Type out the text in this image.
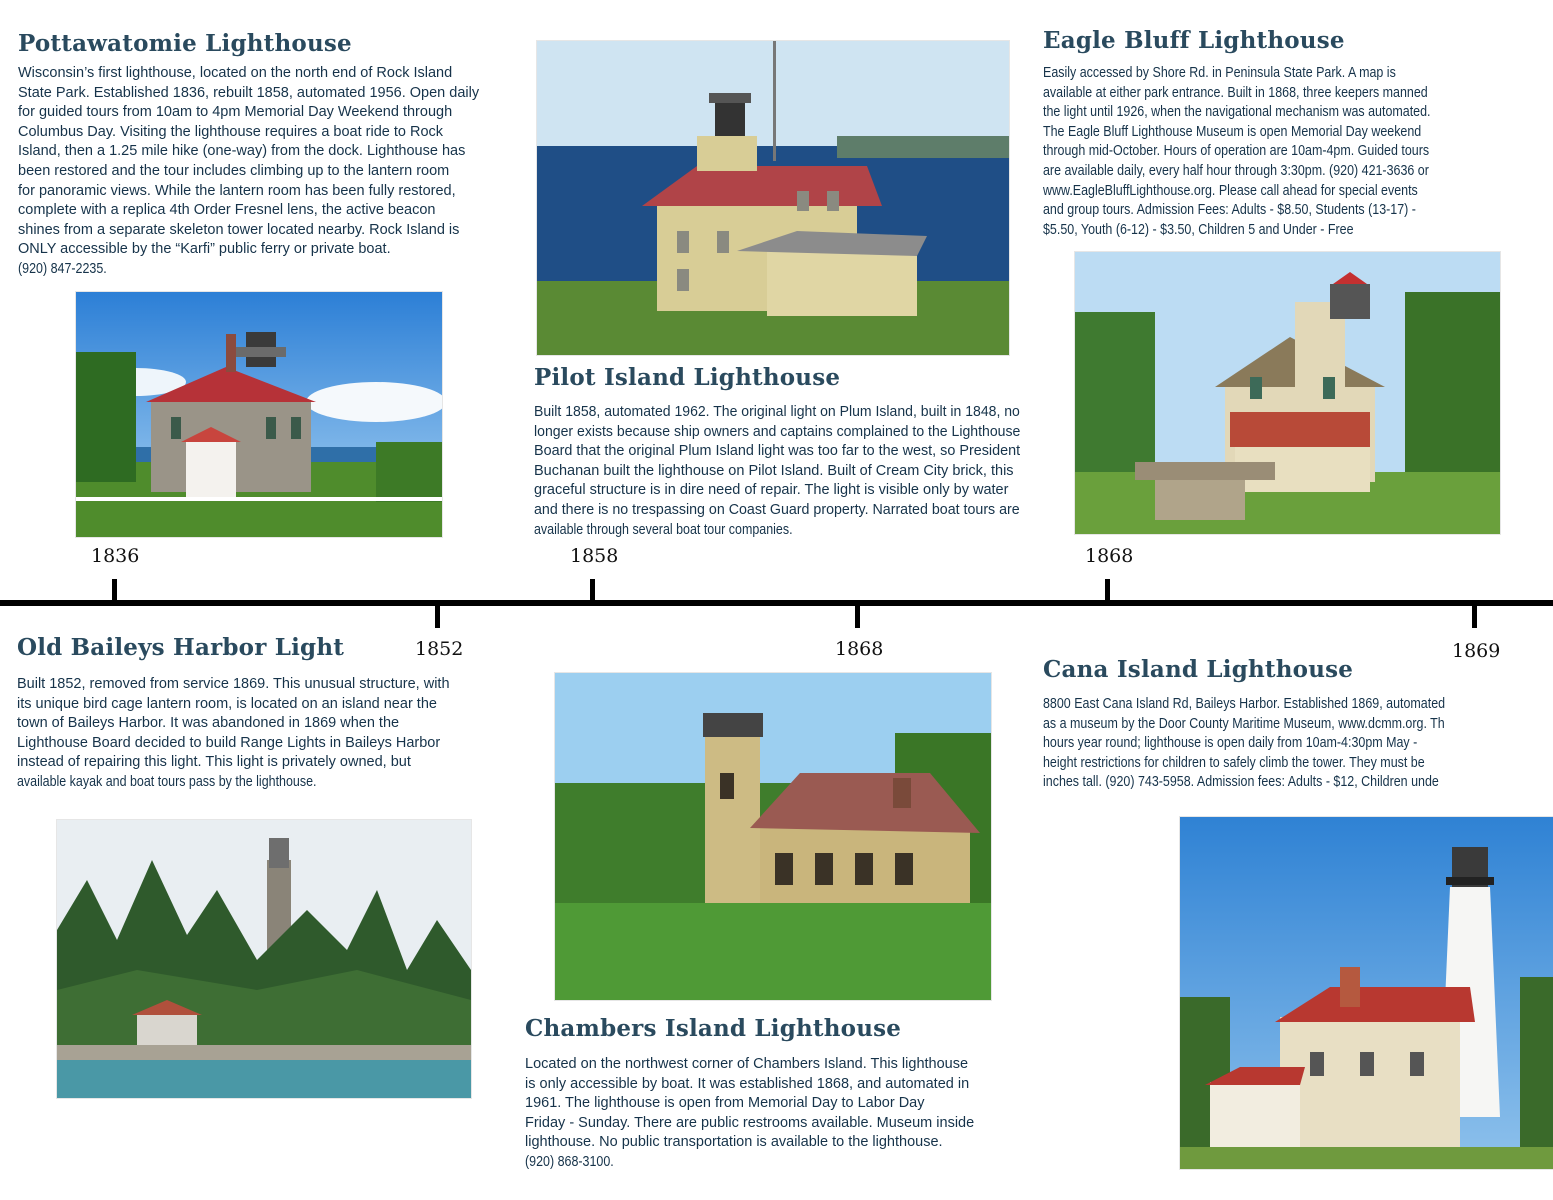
Pottawatomie Lighthouse
Wisconsin’s first lighthouse, located on the north end of Rock Island
State Park. Established 1836, rebuilt 1858, automated 1956. Open daily
for guided tours from 10am to 4pm Memorial Day Weekend through
Columbus Day. Visiting the lighthouse requires a boat ride to Rock
Island, then a 1.25 mile hike (one-way) from the dock. Lighthouse has
been restored and the tour includes climbing up to the lantern room
for panoramic views. While the lantern room has been fully restored,
complete with a replica 4th Order Fresnel lens, the active beacon
shines from a separate skeleton tower located nearby. Rock Island is
ONLY accessible by the “Karfi” public ferry or private boat.
(920) 847-2235.
Pilot Island Lighthouse
Built 1858, automated 1962. The original light on Plum Island, built in 1848, no
longer exists because ship owners and captains complained to the Lighthouse
Board that the original Plum Island light was too far to the west, so President
Buchanan built the lighthouse on Pilot Island. Built of Cream City brick, this
graceful structure is in dire need of repair. The light is visible only by water
and there is no trespassing on Coast Guard property. Narrated boat tours are
available through several boat tour companies.
Eagle Bluff Lighthouse
Easily accessed by Shore Rd. in Peninsula State Park. A map is
available at either park entrance. Built in 1868, three keepers manned
the light until 1926, when the navigational mechanism was automated.
The Eagle Bluff Lighthouse Museum is open Memorial Day weekend
through mid-October. Hours of operation are 10am-4pm. Guided tours
are available daily, every half hour through 3:30pm. (920) 421-3636 or
www.EagleBluffLighthouse.org. Please call ahead for special events
and group tours. Admission Fees: Adults - $8.50, Students (13-17) -
$5.50, Youth (6-12) - $3.50, Children 5 and Under - Free
1836	1858	1868
1852	1868	1869
Old Baileys Harbor Light
Built 1852, removed from service 1869. This unusual structure, with
its unique bird cage lantern room, is located on an island near the
town of Baileys Harbor. It was abandoned in 1869 when the
Lighthouse Board decided to build Range Lights in Baileys Harbor
instead of repairing this light. This light is privately owned, but
available kayak and boat tours pass by the lighthouse.
Chambers Island Lighthouse
Located on the northwest corner of Chambers Island. This lighthouse
is only accessible by boat. It was established 1868, and automated in
1961. The lighthouse is open from Memorial Day to Labor Day
Friday - Sunday. There are public restrooms available. Museum inside
lighthouse. No public transportation is available to the lighthouse.
(920) 868-3100.
Cana Island Lighthouse
8800 East Cana Island Rd, Baileys Harbor. Established 1869, automated
as a museum by the Door County Maritime Museum, www.dcmm.org. Th
hours year round; lighthouse is open daily from 10am-4:30pm May -
height restrictions for children to safely climb the tower. They must be
inches tall. (920) 743-5958. Admission fees: Adults - $12, Children unde
